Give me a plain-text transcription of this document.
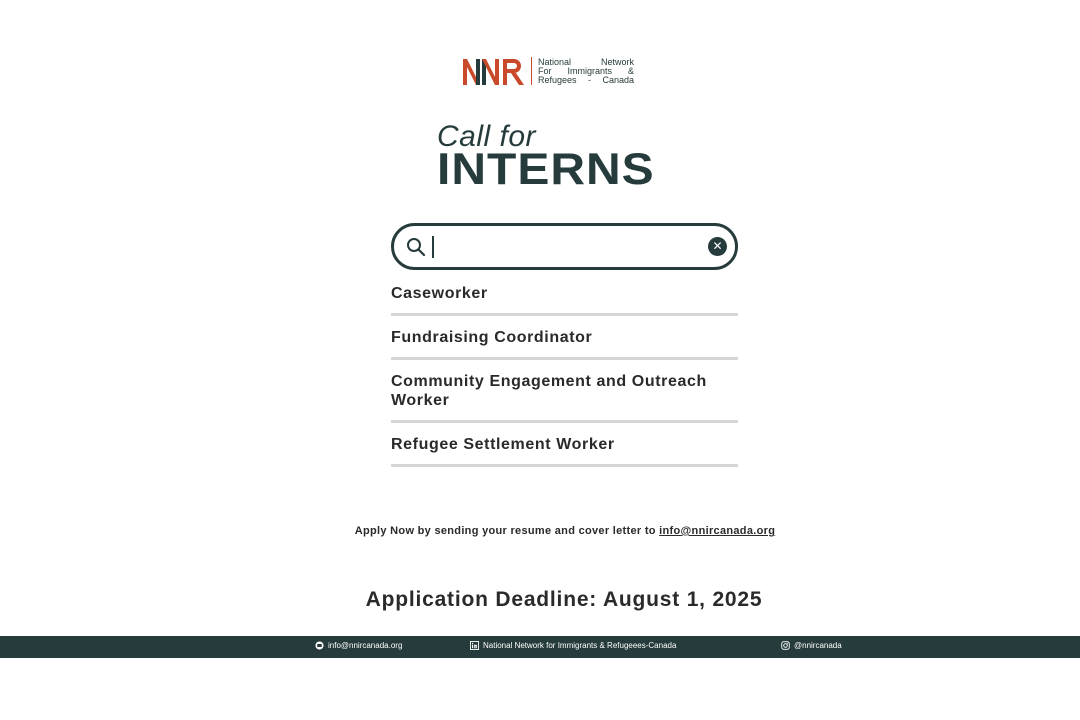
National	Network
For Immigrants &
Refugees - Canada
Call for
INTERNS
✕
Caseworker
Fundraising Coordinator
Community Engagement and Outreach Worker
Refugee Settlement Worker
Apply Now by sending your resume and cover letter to info@nnircanada.org
Application Deadline: August 1, 2025
info@nnircanada.org	National Network for Immigrants & Refugeees-Canada	@nnircanada
